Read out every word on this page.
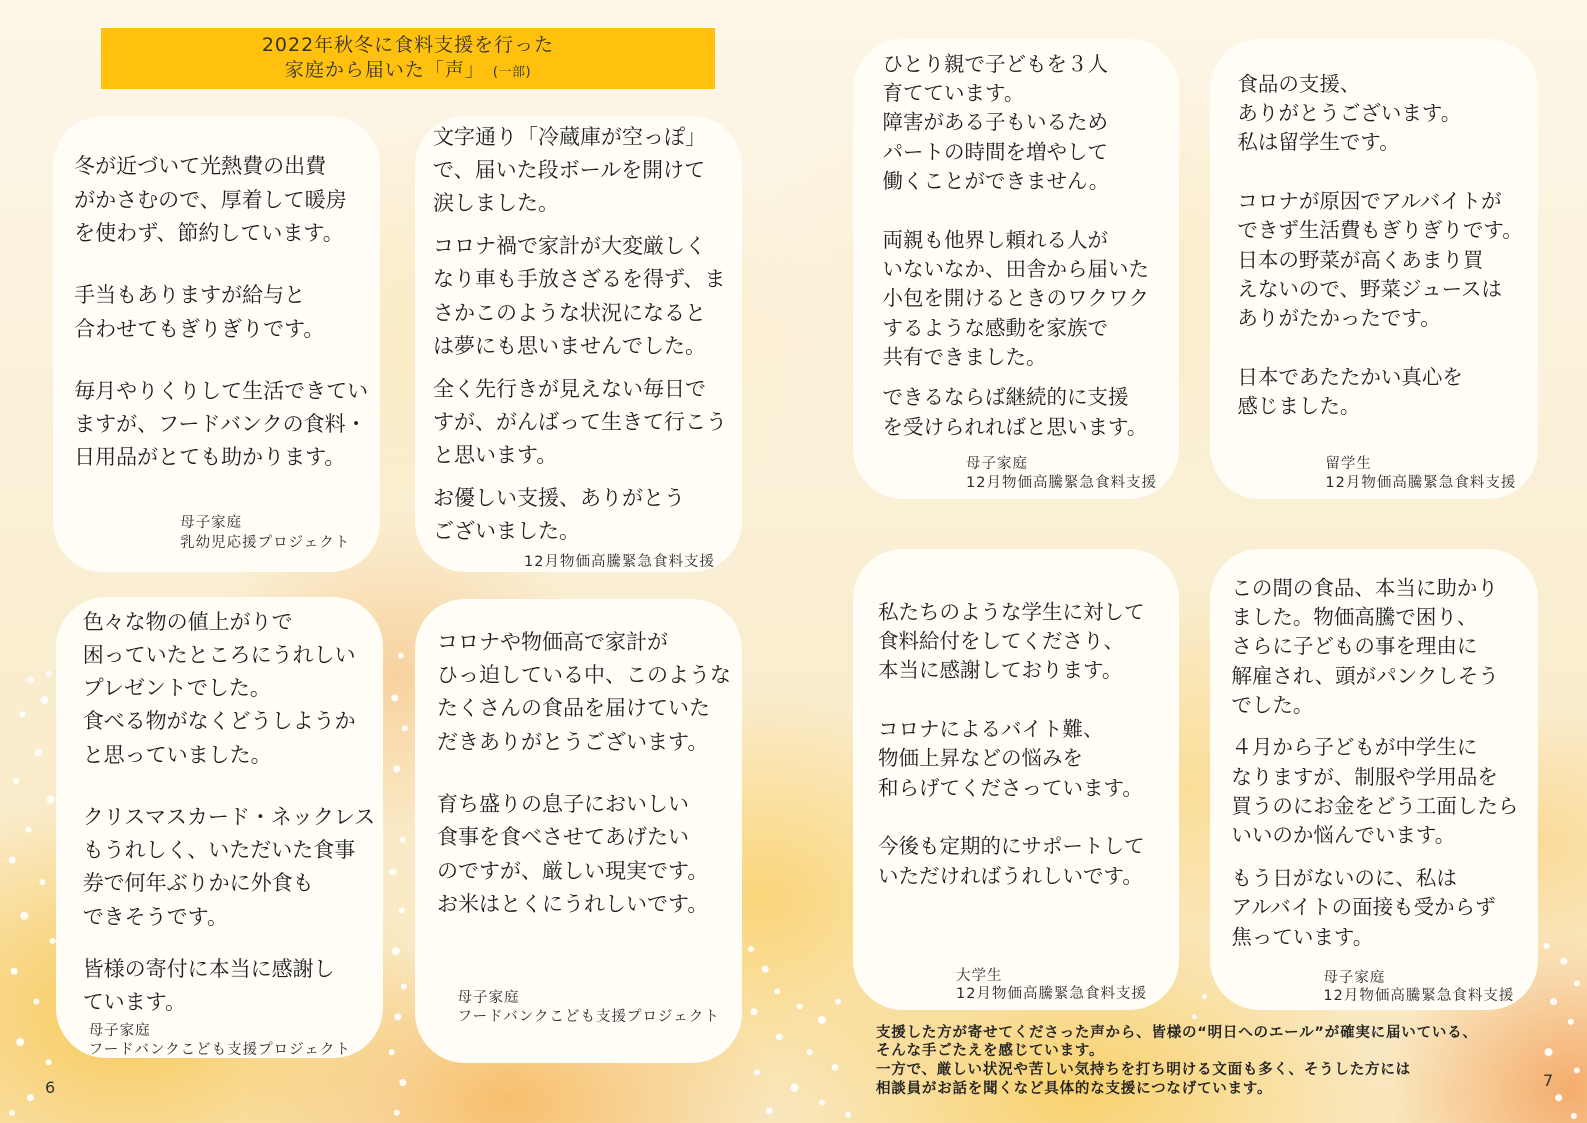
2022年秋冬に食料支援を行った
家庭から届いた「声」 (一部)

冬が近づいて光熱費の出費
がかさむので、厚着して暖房
を使わず、節約しています。

手当もありますが給与と
合わせてもぎりぎりです。

毎月やりくりして生活できてい
ますが、フードバンクの食料・
日用品がとても助かります。

母子家庭
乳幼児応援プロジェクト

文字通り「冷蔵庫が空っぽ」
で、届いた段ボールを開けて
涙しました。

コロナ禍で家計が大変厳しく
なり車も手放さざるを得ず、ま
さかこのような状況になると
は夢にも思いませんでした。

全く先行きが見えない毎日で
すが、がんばって生きて行こう
と思います。

お優しい支援、ありがとう
ございました。

12月物価高騰緊急食料支援

色々な物の値上がりで
困っていたところにうれしい
プレゼントでした。
食べる物がなくどうしようか
と思っていました。

クリスマスカード・ネックレス
もうれしく、いただいた食事
券で何年ぶりかに外食も
できそうです。

皆様の寄付に本当に感謝し
ています。

母子家庭
フードバンクこども支援プロジェクト

コロナや物価高で家計が
ひっ迫している中、このような
たくさんの食品を届けていた
だきありがとうございます。

育ち盛りの息子においしい
食事を食べさせてあげたい
のですが、厳しい現実です。
お米はとくにうれしいです。

母子家庭
フードバンクこども支援プロジェクト

ひとり親で子どもを３人
育てています。
障害がある子もいるため
パートの時間を増やして
働くことができません。

両親も他界し頼れる人が
いないなか、田舎から届いた
小包を開けるときのワクワク
するような感動を家族で
共有できました。

できるならば継続的に支援
を受けられればと思います。

母子家庭
12月物価高騰緊急食料支援

食品の支援、
ありがとうございます。
私は留学生です。

コロナが原因でアルバイトが
できず生活費もぎりぎりです。
日本の野菜が高くあまり買
えないので、野菜ジュースは
ありがたかったです。

日本であたたかい真心を
感じました。

留学生
12月物価高騰緊急食料支援

私たちのような学生に対して
食料給付をしてくださり、
本当に感謝しております。

コロナによるバイト難、
物価上昇などの悩みを
和らげてくださっています。

今後も定期的にサポートして
いただければうれしいです。

大学生
12月物価高騰緊急食料支援

この間の食品、本当に助かり
ました。物価高騰で困り、
さらに子どもの事を理由に
解雇され、頭がパンクしそう
でした。

４月から子どもが中学生に
なりますが、制服や学用品を
買うのにお金をどう工面したら
いいのか悩んでいます。

もう日がないのに、私は
アルバイトの面接も受からず
焦っています。

母子家庭
12月物価高騰緊急食料支援
支援した方が寄せてくださった声から、皆様の“明日へのエール”が確実に届いている、
そんな手ごたえを感じています。
一方で、厳しい状況や苦しい気持ちを打ち明ける文面も多く、そうした方には
相談員がお話を聞くなど具体的な支援につなげています。
6	7
